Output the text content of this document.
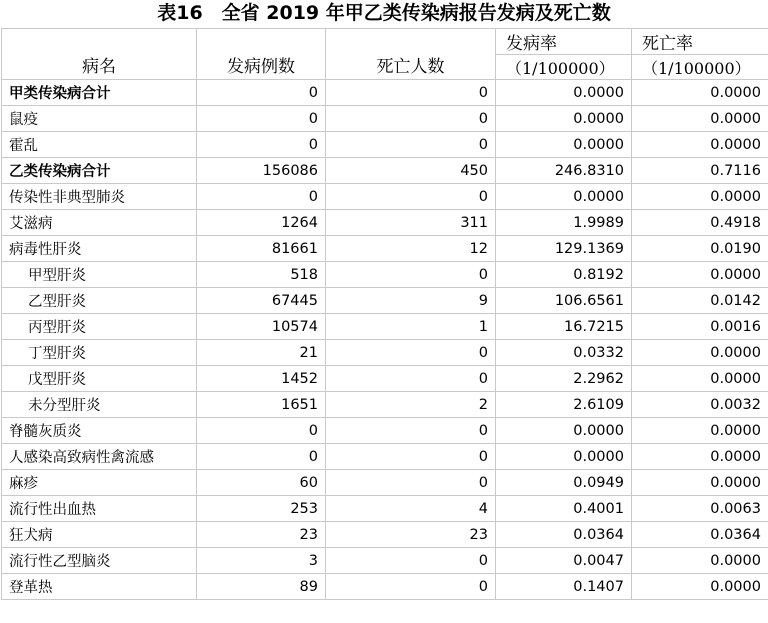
表16　全省 2019 年甲乙类传染病报告发病及死亡数
病名	发病例数	死亡人数	发病率	死亡率
			（1/100000）	（1/100000）
甲类传染病合计	0	0	0.0000	0.0000
鼠疫	0	0	0.0000	0.0000
霍乱	0	0	0.0000	0.0000
乙类传染病合计	156086	450	246.8310	0.7116
传染性非典型肺炎	0	0	0.0000	0.0000
艾滋病	1264	311	1.9989	0.4918
病毒性肝炎	81661	12	129.1369	0.0190
甲型肝炎	518	0	0.8192	0.0000
乙型肝炎	67445	9	106.6561	0.0142
丙型肝炎	10574	1	16.7215	0.0016
丁型肝炎	21	0	0.0332	0.0000
戊型肝炎	1452	0	2.2962	0.0000
未分型肝炎	1651	2	2.6109	0.0032
脊髓灰质炎	0	0	0.0000	0.0000
人感染高致病性禽流感	0	0	0.0000	0.0000
麻疹	60	0	0.0949	0.0000
流行性出血热	253	4	0.4001	0.0063
狂犬病	23	23	0.0364	0.0364
流行性乙型脑炎	3	0	0.0047	0.0000
登革热	89	0	0.1407	0.0000
